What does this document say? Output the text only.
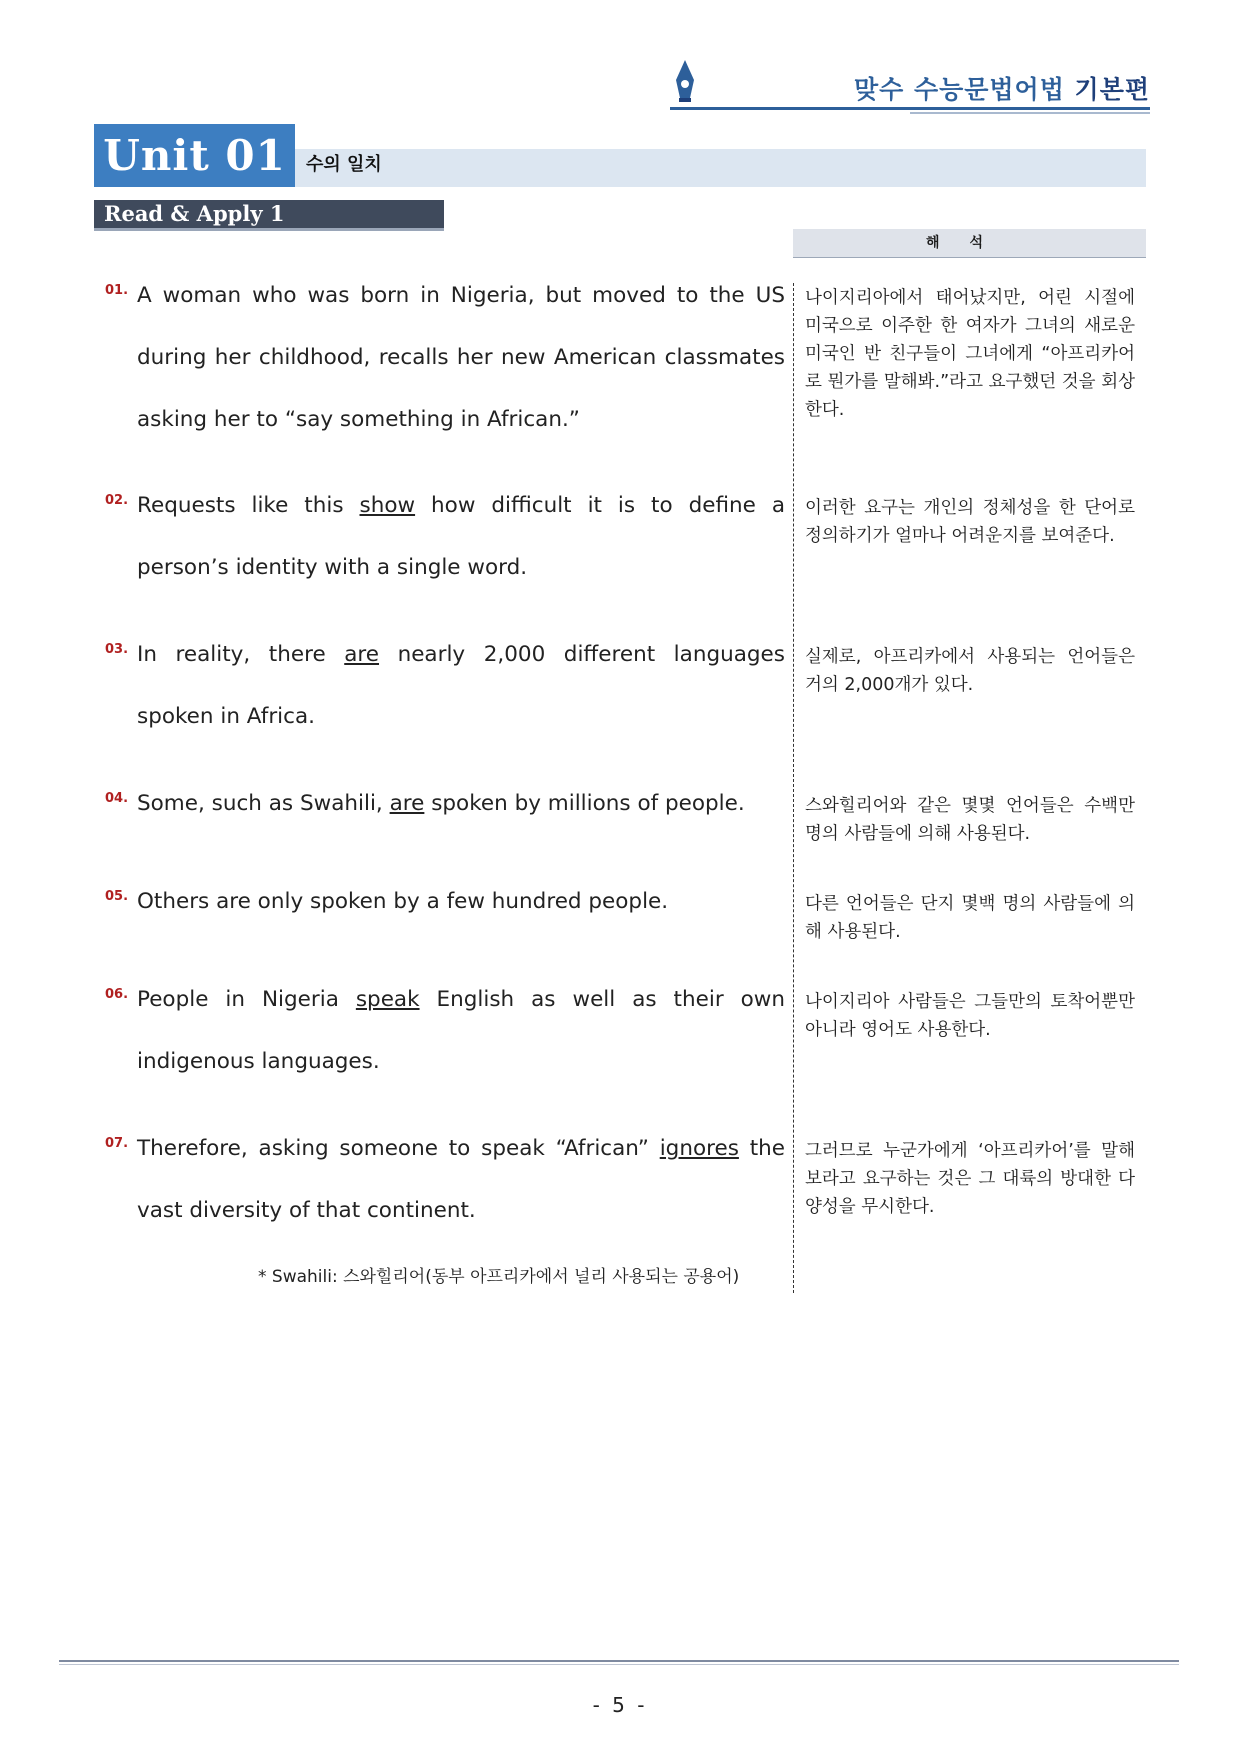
맞수 수능문법어법 기본편
Unit 01	수의 일치
Read & Apply 1
해석
01. A woman who was born in Nigeria, but moved to the US during her childhood, recalls her new American classmates asking her to “say something in African.”
나이지리아에서 태어났지만, 어린 시절에 미국으로 이주한 한 여자가 그녀의 새로운 미국인 반 친구들이 그녀에게 “아프리카어로 뭔가를 말해봐.”라고 요구했던 것을 회상한다.
02. Requests like this show how difficult it is to define a person’s identity with a single word.
이러한 요구는 개인의 정체성을 한 단어로 정의하기가 얼마나 어려운지를 보여준다.
03. In reality, there are nearly 2,000 different languages spoken in Africa.
실제로, 아프리카에서 사용되는 언어들은 거의 2,000개가 있다.
04. Some, such as Swahili, are spoken by millions of people.	스와힐리어와 같은 몇몇 언어들은 수백만 명의 사람들에 의해 사용된다.
05. Others are only spoken by a few hundred people.	다른 언어들은 단지 몇백 명의 사람들에 의해 사용된다.
06. People in Nigeria speak English as well as their own indigenous languages.
나이지리아 사람들은 그들만의 토착어뿐만 아니라 영어도 사용한다.
07. Therefore, asking someone to speak “African” ignores the vast diversity of that continent.
그러므로 누군가에게 ‘아프리카어’를 말해보라고 요구하는 것은 그 대륙의 방대한 다양성을 무시한다.
* Swahili: 스와힐리어(동부 아프리카에서 널리 사용되는 공용어)
- 5 -
